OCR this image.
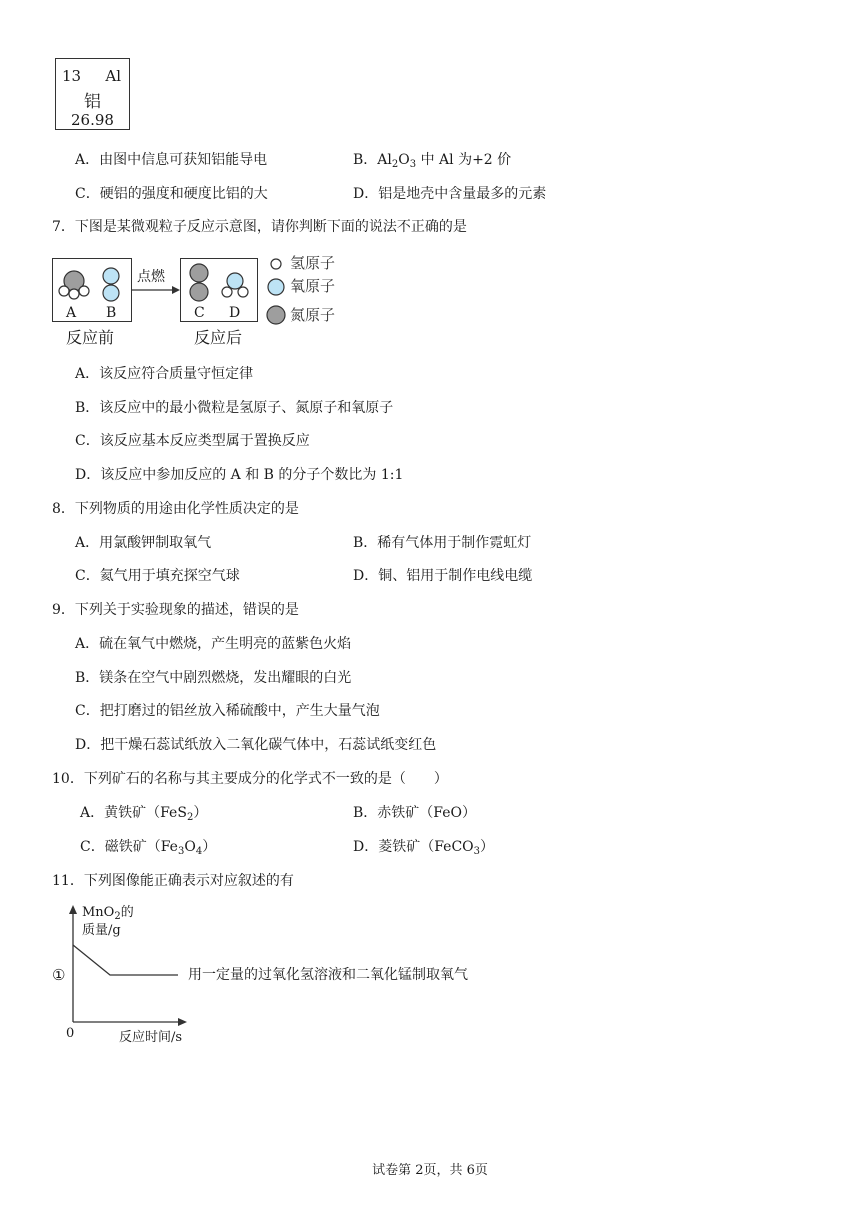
13 Al
铝
26.98
A．由图中信息可获知铝能导电	B．$Al_2O_3$ 中 Al 为+2 价
C．硬铝的强度和硬度比铝的大	D．铝是地壳中含量最多的元素
7．下图是某微观粒子反应示意图，请你判断下面的说法不正确的是
点燃
A B	C D
反应前	反应后
氢原子
氧原子
氮原子
A．该反应符合质量守恒定律
B．该反应中的最小微粒是氢原子、氮原子和氧原子
C．该反应基本反应类型属于置换反应
D．该反应中参加反应的 A 和 B 的分子个数比为 1:1
8．下列物质的用途由化学性质决定的是
A．用氯酸钾制取氧气	B．稀有气体用于制作霓虹灯
C．氦气用于填充探空气球	D．铜、铝用于制作电线电缆
9．下列关于实验现象的描述，错误的是
A．硫在氧气中燃烧，产生明亮的蓝紫色火焰
B．镁条在空气中剧烈燃烧，发出耀眼的白光
C．把打磨过的铝丝放入稀硫酸中，产生大量气泡
D．把干燥石蕊试纸放入二氧化碳气体中，石蕊试纸变红色
10．下列矿石的名称与其主要成分的化学式不一致的是（　　）
A．黄铁矿（FeS$_2$）	B．赤铁矿（FeO）
C．磁铁矿$(Fe_3O_4)$	D．菱铁矿（FeCO$_3$）
11．下列图像能正确表示对应叙述的有
MnO$_2$的
质量/g
0	反应时间/s
①	用一定量的过氧化氢溶液和二氧化锰制取氧气
试卷第 2页，共 6页
